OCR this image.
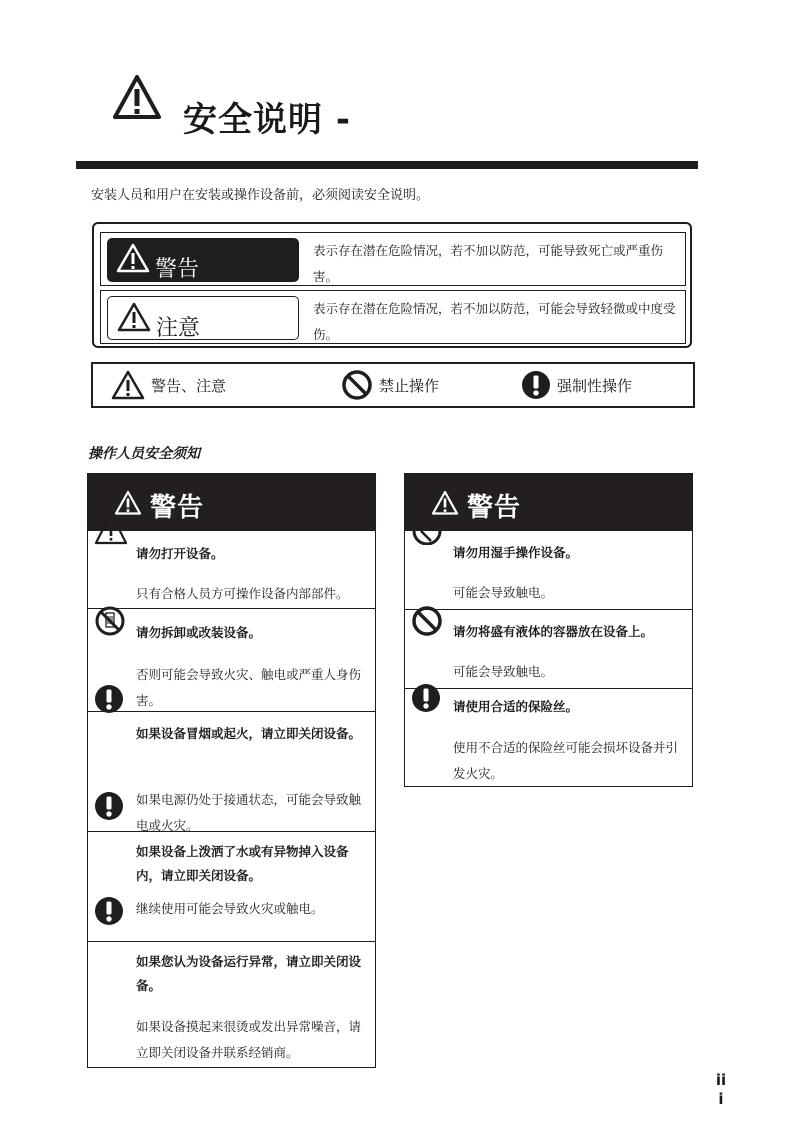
安全说明 -
安装人员和用户在安装或操作设备前，必须阅读安全说明。
警告
表示存在潜在危险情况，若不加以防范，可能导致死亡或严重伤害。
注意
表示存在潜在危险情况，若不加以防范，可能会导致轻微或中度受伤。
警告、注意	禁止操作	强制性操作
操作人员安全须知
警告
请勿打开设备。
只有合格人员方可操作设备内部部件。
请勿拆卸或改装设备。
否则可能会导致火灾、触电或严重人身伤害。
如果设备冒烟或起火，请立即关闭设备。
如果电源仍处于接通状态，可能会导致触电或火灾。
如果设备上泼洒了水或有异物掉入设备内，请立即关闭设备。
继续使用可能会导致火灾或触电。
如果您认为设备运行异常，请立即关闭设备。
如果设备摸起来很烫或发出异常噪音，请立即关闭设备并联系经销商。
警告
请勿用湿手操作设备。
可能会导致触电。
请勿将盛有液体的容器放在设备上。
可能会导致触电。
请使用合适的保险丝。
使用不合适的保险丝可能会损坏设备并引发火灾。
ii i
